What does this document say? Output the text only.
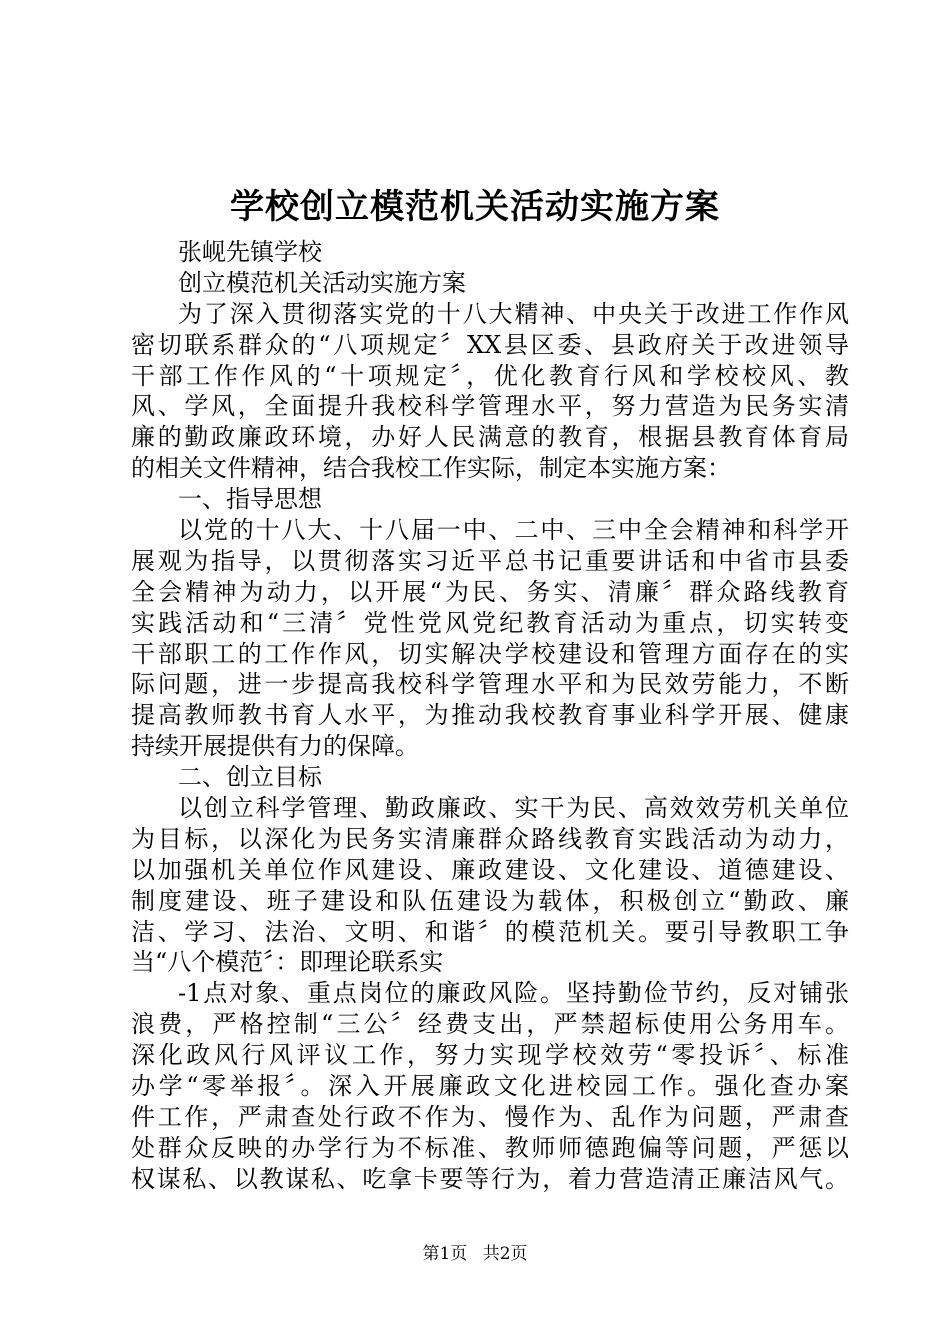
学校创立模范机关活动实施方案
张岘先镇学校
创立模范机关活动实施方案
为了深入贯彻落实党的十八大精神、中央关于改进工作作风
密切联系群众的“八项规定〞XX县区委、县政府关于改进领导
干部工作作风的“十项规定〞，优化教育行风和学校校风、教
风、学风，全面提升我校科学管理水平，努力营造为民务实清
廉的勤政廉政环境，办好人民满意的教育，根据县教育体育局
的相关文件精神，结合我校工作实际，制定本实施方案：
一、指导思想
以党的十八大、十八届一中、二中、三中全会精神和科学开
展观为指导，以贯彻落实习近平总书记重要讲话和中省市县委
全会精神为动力，以开展“为民、务实、清廉〞群众路线教育
实践活动和“三清〞党性党风党纪教育活动为重点，切实转变
干部职工的工作作风，切实解决学校建设和管理方面存在的实
际问题，进一步提高我校科学管理水平和为民效劳能力，不断
提高教师教书育人水平，为推动我校教育事业科学开展、健康
持续开展提供有力的保障。
二、创立目标
以创立科学管理、勤政廉政、实干为民、高效效劳机关单位
为目标，以深化为民务实清廉群众路线教育实践活动为动力，
以加强机关单位作风建设、廉政建设、文化建设、道德建设、
制度建设、班子建设和队伍建设为载体，积极创立“勤政、廉
洁、学习、法治、文明、和谐〞的模范机关。要引导教职工争
当“八个模范〞：即理论联系实
-1点对象、重点岗位的廉政风险。坚持勤俭节约，反对铺张
浪费，严格控制“三公〞经费支出，严禁超标使用公务用车。
深化政风行风评议工作，努力实现学校效劳“零投诉〞、标准
办学“零举报〞。深入开展廉政文化进校园工作。强化查办案
件工作，严肃查处行政不作为、慢作为、乱作为问题，严肃查
处群众反映的办学行为不标准、教师师德跑偏等问题，严惩以
权谋私、以教谋私、吃拿卡要等行为，着力营造清正廉洁风气。
第1页 共2页
